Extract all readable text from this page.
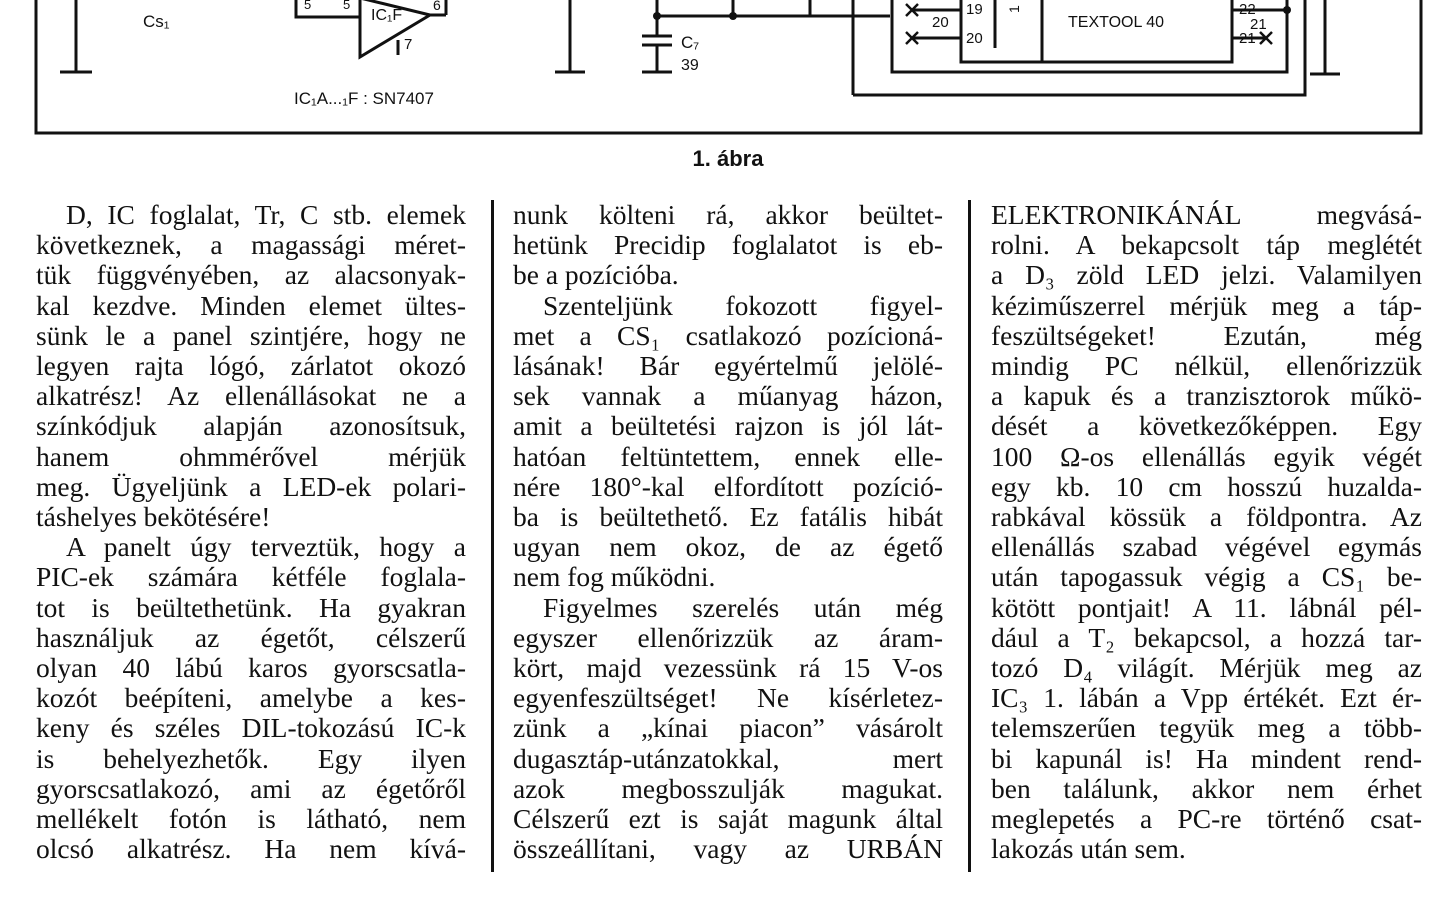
Cs₁
5 5
IC₁F
6
7
IC₁A...₁F : SN7407
C₇
39
TEXTOOL 40
19
20
20
1	22
21
21
1. ábra

D, IC foglalat, Tr, C stb. elemek
következnek, a magassági méret-
tük függvényében, az alacsonyak-
kal kezdve. Minden elemet ültes-
sünk le a panel szintjére, hogy ne
legyen rajta lógó, zárlatot okozó
alkatrész! Az ellenállásokat ne a
színkódjuk alapján azonosítsuk,
hanem ohmmérővel mérjük
meg. Ügyeljünk a LED-ek polari-
táshelyes bekötésére!

A panelt úgy terveztük, hogy a
PIC-ek számára kétféle foglala-
tot is beültethetünk. Ha gyakran
használjuk az égetőt, célszerű
olyan 40 lábú karos gyorscsatla-
kozót beépíteni, amelybe a kes-
keny és széles DIL-tokozású IC-k
is behelyezhetők. Egy ilyen
gyorscsatlakozó, ami az égetőről
mellékelt fotón is látható, nem
olcsó alkatrész. Ha nem kívá-

nunk költeni rá, akkor beültet-
hetünk Precidip foglalatot is eb-
be a pozícióba.

Szenteljünk fokozott figyel-
met a CS₁ csatlakozó pozícioná-
lásának! Bár egyértelmű jelölé-
sek vannak a műanyag házon,
amit a beültetési rajzon is jól lát-
hatóan feltüntettem, ennek elle-
nére 180°-kal elfordított pozíció-
ba is beültethető. Ez fatális hibát
ugyan nem okoz, de az égető
nem fog működni.

Figyelmes szerelés után még
egyszer ellenőrizzük az áram-
kört, majd vezessünk rá 15 V-os
egyenfeszültséget! Ne kísérletez-
zünk a „kínai piacon” vásárolt
dugasztáp-utánzatokkal, mert
azok megbosszulják magukat.
Célszerű ezt is saját magunk által
összeállítani, vagy az URBÁN

ELEKTRONIKÁNÁL megvásá-
rolni. A bekapcsolt táp meglétét
a D₃ zöld LED jelzi. Valamilyen
kéziműszerrel mérjük meg a táp-
feszültségeket! Ezután, még
mindig PC nélkül, ellenőrizzük
a kapuk és a tranzisztorok műkö-
dését a következőképpen. Egy
100 Ω-os ellenállás egyik végét
egy kb. 10 cm hosszú huzalda-
rabkával kössük a földpontra. Az
ellenállás szabad végével egymás
után tapogassuk végig a CS₁ be-
kötött pontjait! A 11. lábnál pél-
dául a T₂ bekapcsol, a hozzá tar-
tozó D₄ világít. Mérjük meg az
IC₃ 1. lábán a Vpp értékét. Ezt ér-
telemszerűen tegyük meg a több-
bi kapunál is! Ha mindent rend-
ben találunk, akkor nem érhet
meglepetés a PC-re történő csat-
lakozás után sem.
